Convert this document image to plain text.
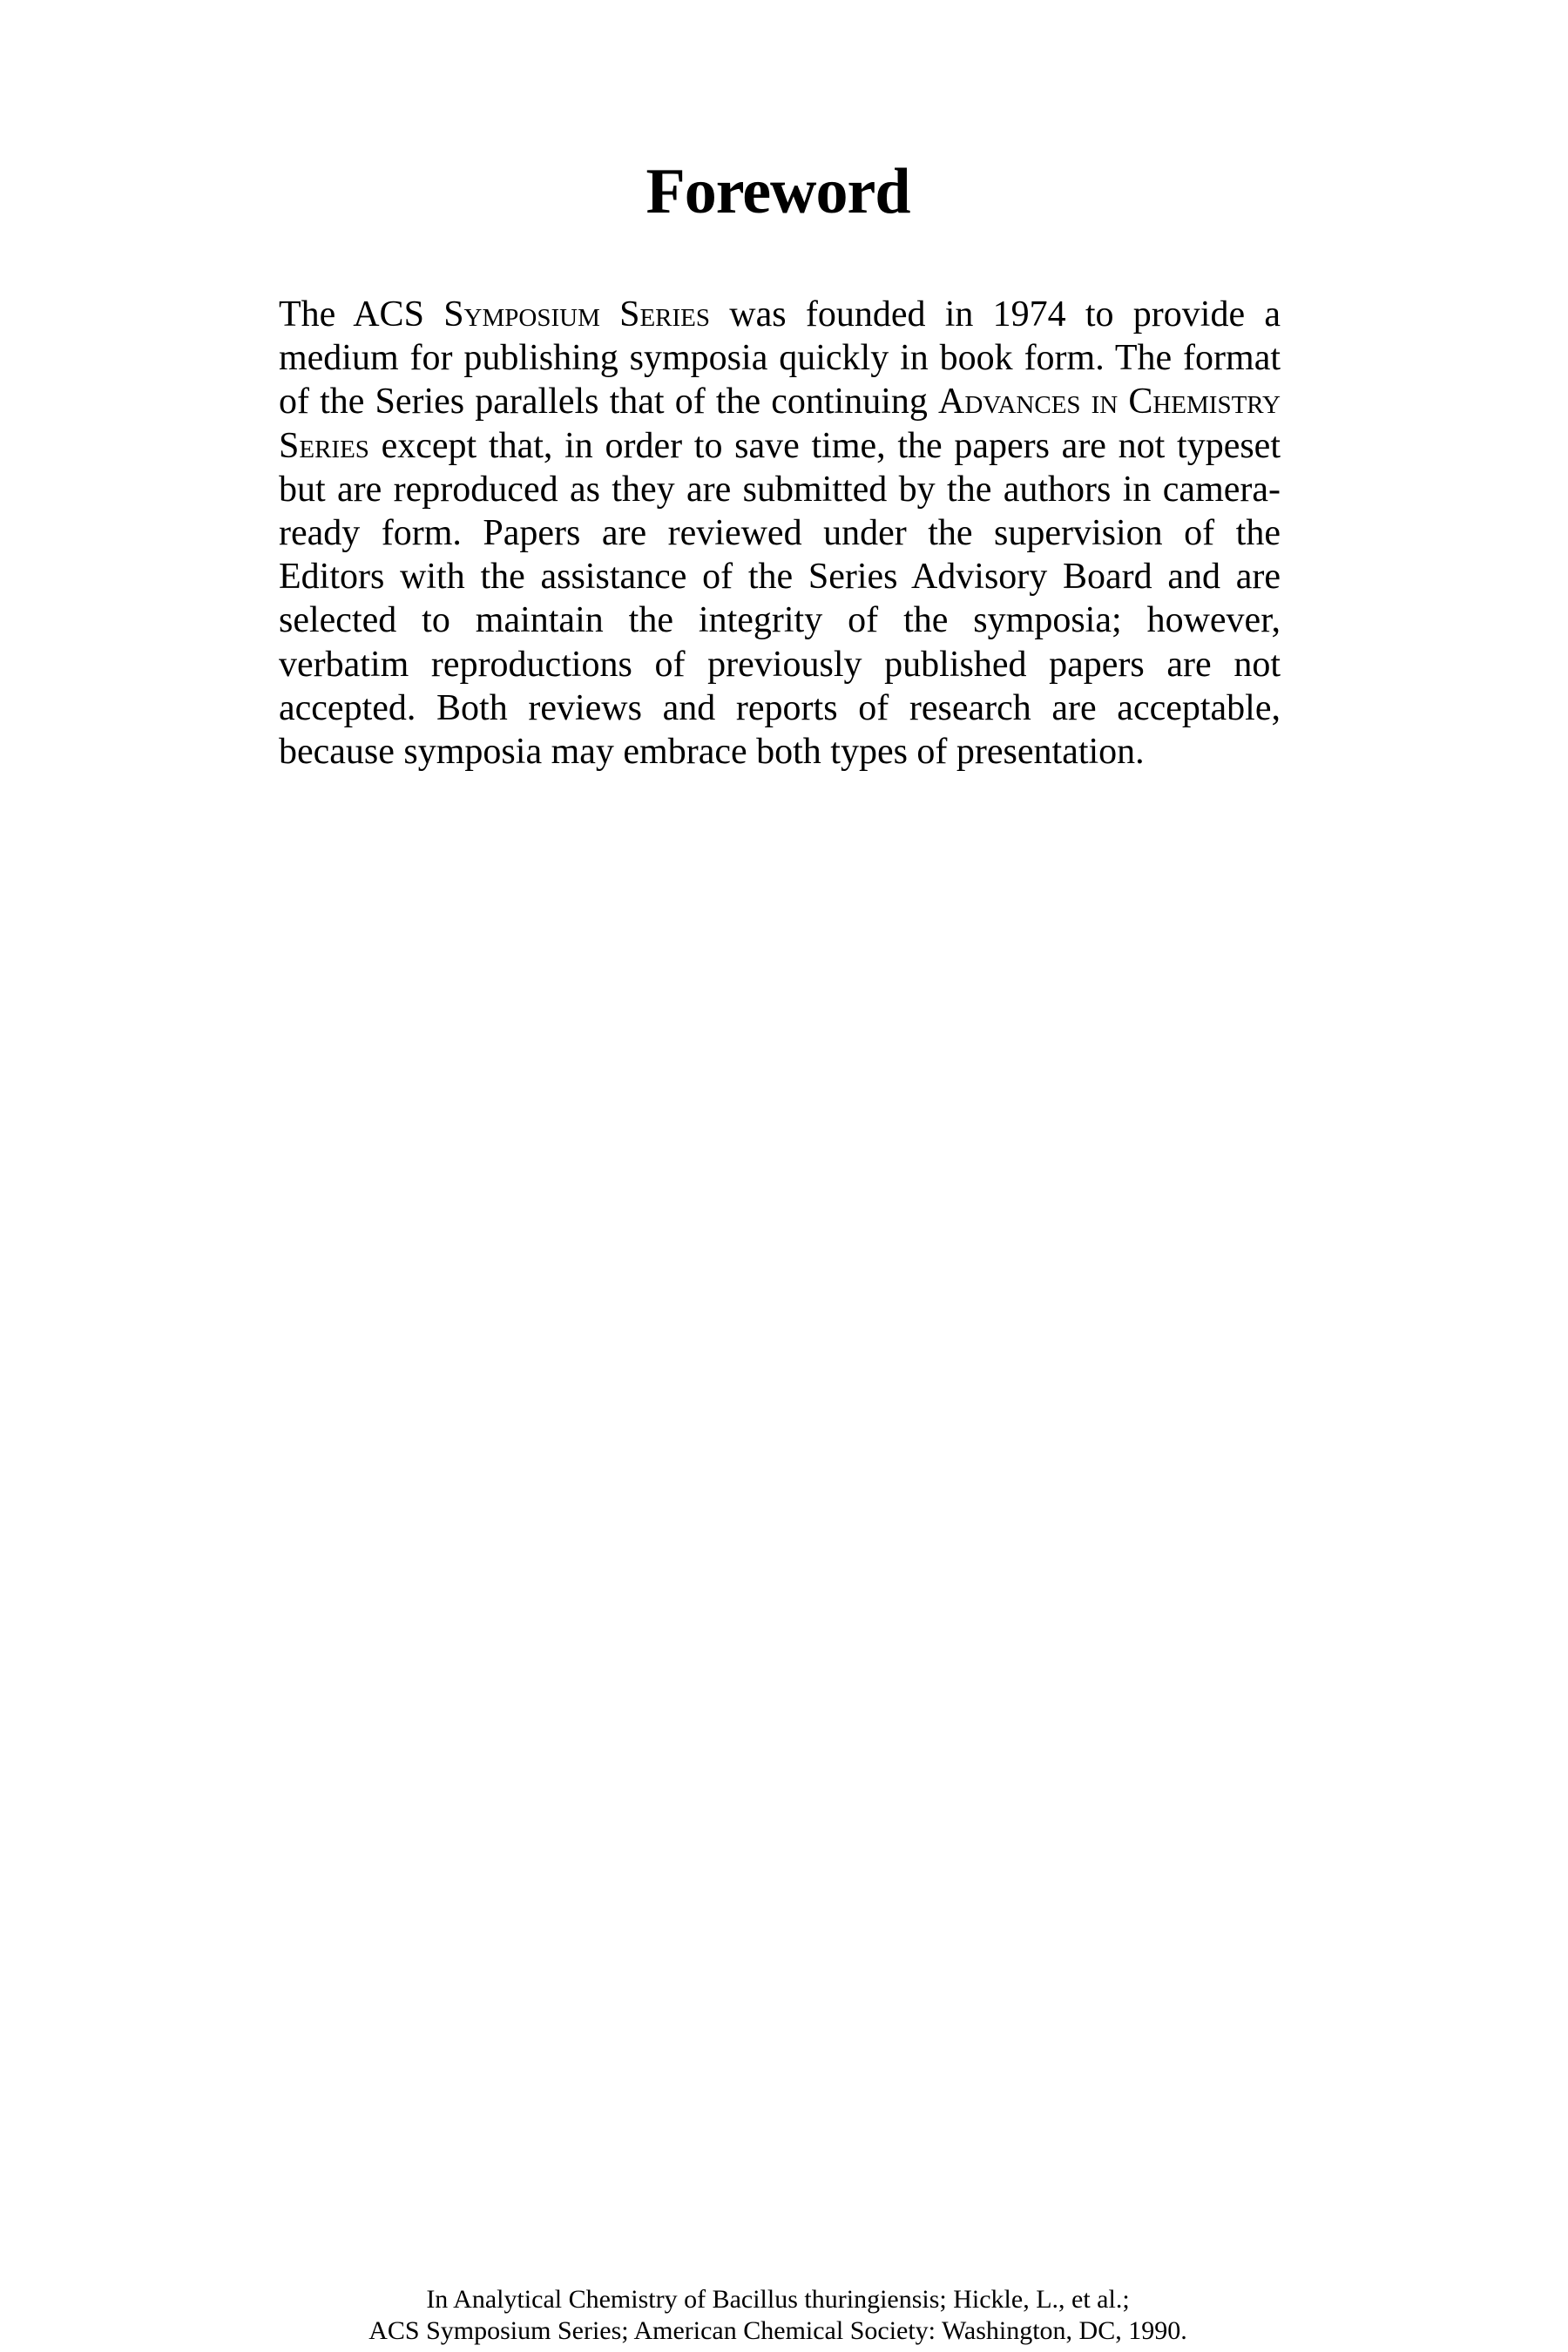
Foreword

The ACS Symposium Series was founded in 1974 to provide a medium for publishing symposia quickly in book form. The format of the Series parallels that of the continuing Advances in Chemistry Series except that, in order to save time, the papers are not typeset but are reproduced as they are submitted by the authors in camera-ready form. Papers are reviewed under the supervision of the Editors with the assistance of the Series Advisory Board and are selected to maintain the integrity of the symposia; however, verbatim reproductions of previously published papers are not accepted. Both reviews and reports of research are acceptable, because symposia may embrace both types of presentation.

In Analytical Chemistry of Bacillus thuringiensis; Hickle, L., et al.;
ACS Symposium Series; American Chemical Society: Washington, DC, 1990.
